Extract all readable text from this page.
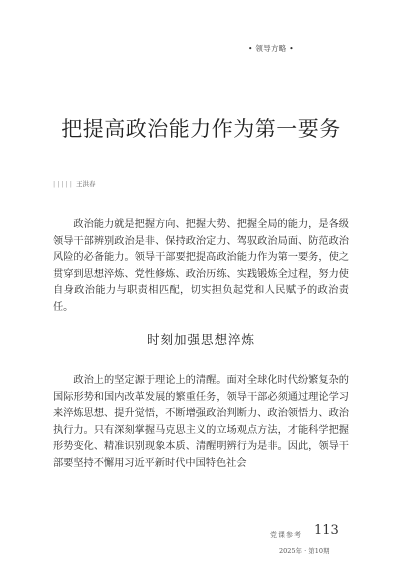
• 领导方略 •
把提高政治能力作为第一要务
||||| 王洪春

政治能力就是把握方向、把握大势、把握全局的能力，是各级领导干部辨别政治是非、保持政治定力、驾驭政治局面、防范政治风险的必备能力。领导干部要把提高政治能力作为第一要务，使之贯穿到思想淬炼、党性修炼、政治历练、实践锻炼全过程，努力使自身政治能力与职责相匹配，切实担负起党和人民赋予的政治责任。

时刻加强思想淬炼

政治上的坚定源于理论上的清醒。面对全球化时代纷繁复杂的国际形势和国内改革发展的繁重任务，领导干部必须通过理论学习来淬炼思想、提升觉悟，不断增强政治判断力、政治领悟力、政治执行力。只有深刻掌握马克思主义的立场观点方法，才能科学把握形势变化、精准识别现象本质、清醒明辨行为是非。因此，领导干部要坚持不懈用习近平新时代中国特色社会

党课参考 113
2025年 · 第10期
